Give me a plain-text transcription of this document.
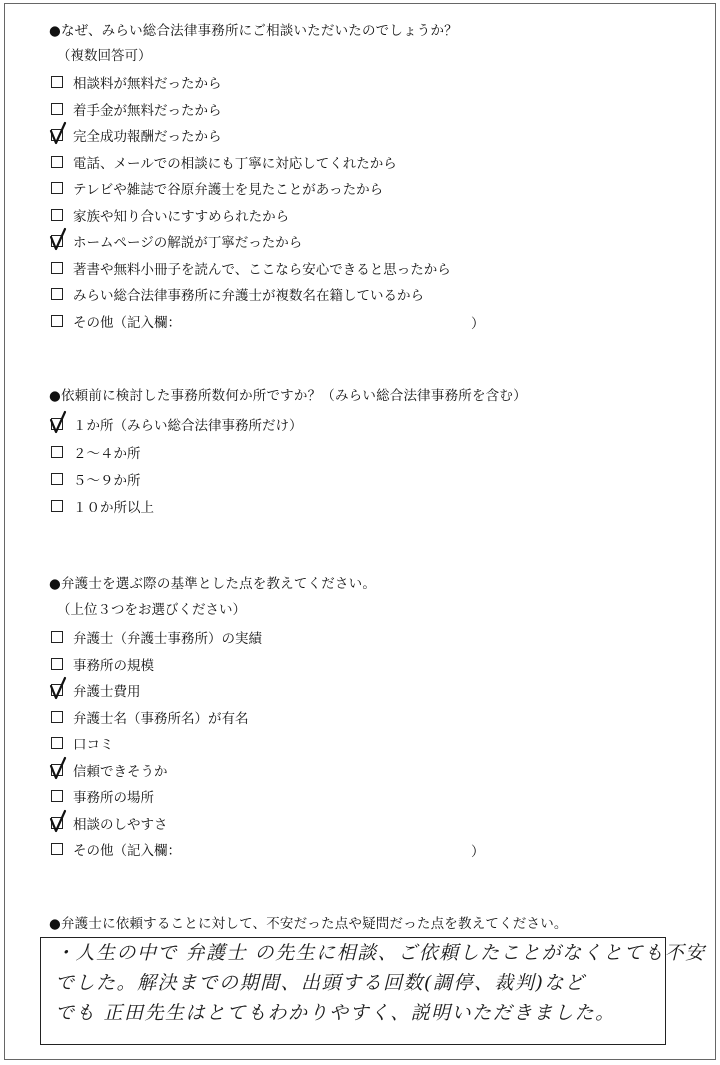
●なぜ、みらい総合法律事務所にご相談いただいたのでしょうか？
（複数回答可）
相談料が無料だったから
着手金が無料だったから
完全成功報酬だったから
電話、メールでの相談にも丁寧に対応してくれたから
テレビや雑誌で谷原弁護士を見たことがあったから
家族や知り合いにすすめられたから
ホームページの解説が丁寧だったから
著書や無料小冊子を読んで、ここなら安心できると思ったから
みらい総合法律事務所に弁護士が複数名在籍しているから
その他（記入欄：	）
●依頼前に検討した事務所数何か所ですか？（みらい総合法律事務所を含む）
１か所（みらい総合法律事務所だけ）
２～４か所
５～９か所
１０か所以上
●弁護士を選ぶ際の基準とした点を教えてください。
（上位３つをお選びください）
弁護士（弁護士事務所）の実績
事務所の規模
弁護士費用
弁護士名（事務所名）が有名
口コミ
信頼できそうか
事務所の場所
相談のしやすさ
その他（記入欄：	）
●弁護士に依頼することに対して、不安だった点や疑問だった点を教えてください。
・人生の中で 弁護士 の先生に相談、ご依頼したことがなくとても不安
でした。解決までの期間、出頭する回数(調停、裁判)など
でも 正田先生はとてもわかりやすく、説明いただきました。
